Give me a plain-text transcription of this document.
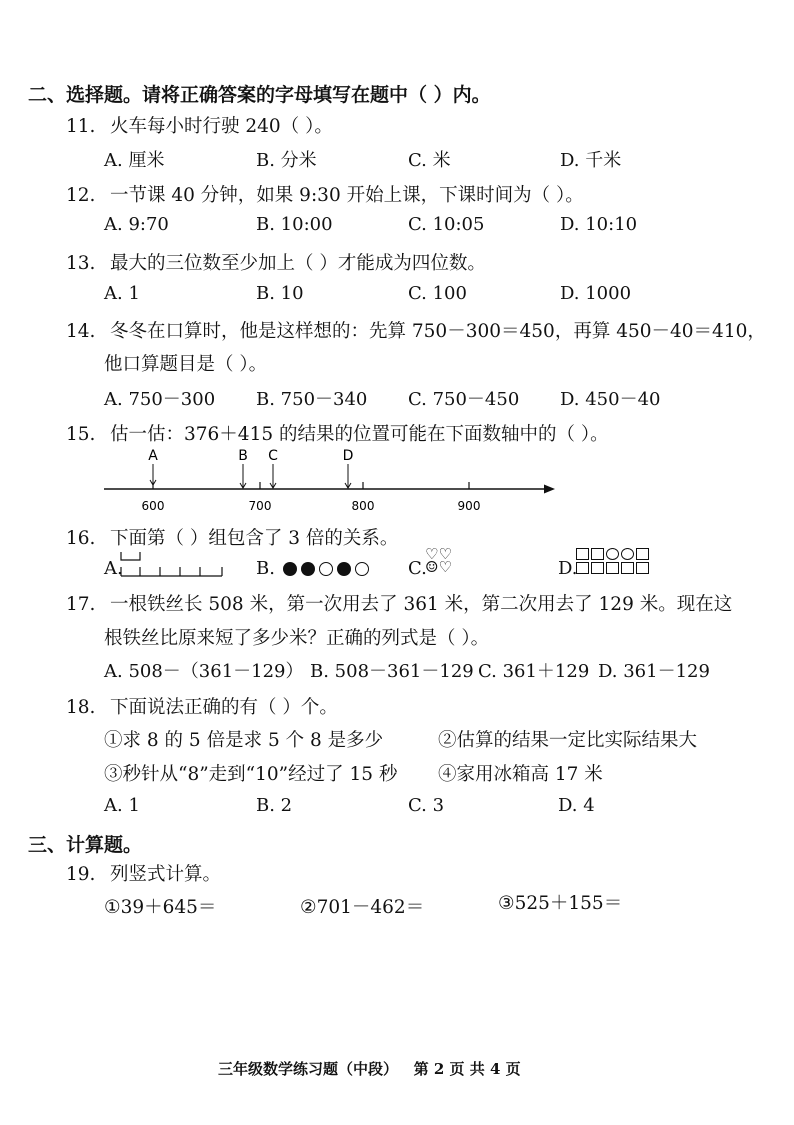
二、选择题。请将正确答案的字母填写在题中（ ）内。
11. 火车每小时行驶 240（ ）。
A. 厘米	B. 分米	C. 米	D. 千米
12. 一节课 40 分钟，如果 9:30 开始上课，下课时间为（ ）。
A. 9:70	B. 10:00	C. 10:05	D. 10:10
13. 最大的三位数至少加上（ ）才能成为四位数。
A. 1	B. 10	C. 100	D. 1000
14. 冬冬在口算时，他是这样想的：先算 750－300＝450，再算 450－40＝410，
他口算题目是（ ）。
A. 750－300 B. 750－340 C. 750－450 D. 450－40
15. 估一估：376＋415 的结果的位置可能在下面数轴中的（ ）。
600	700	800	900
A	B C	D
16. 下面第（ ）组包含了 3 倍的关系。
A.	B.	C.
♡♡
☺♡	D.
17. 一根铁丝长 508 米，第一次用去了 361 米，第二次用去了 129 米。现在这
根铁丝比原来短了多少米？正确的列式是（ ）。
A. 508－（361－129） B. 508－361－129 C. 361＋129 D. 361－129
18. 下面说法正确的有（ ）个。
①求 8 的 5 倍是求 5 个 8 是多少	②估算的结果一定比实际结果大
③秒针从“8”走到“10”经过了 15 秒 ④家用冰箱高 17 米
A. 1	B. 2	C. 3	D. 4
三、计算题。
19. 列竖式计算。
①39＋645＝	②701－462＝	③525＋155＝
三年级数学练习题（中段）   第 2 页 共 4 页
